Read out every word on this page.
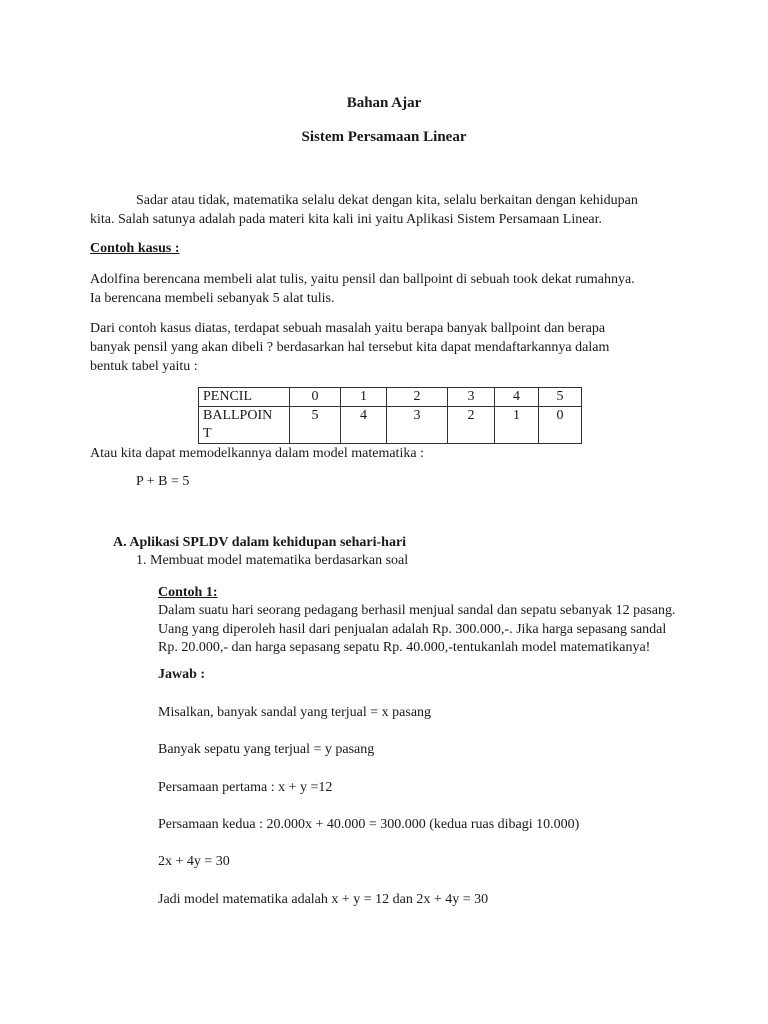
Bahan Ajar
Sistem Persamaan Linear
Sadar atau tidak, matematika selalu dekat dengan kita, selalu berkaitan dengan kehidupan
kita. Salah satunya adalah pada materi kita kali ini yaitu Aplikasi Sistem Persamaan Linear.
Contoh kasus :
Adolfina berencana membeli alat tulis, yaitu pensil dan ballpoint di sebuah took dekat rumahnya.
Ia berencana membeli sebanyak 5 alat tulis.
Dari contoh kasus diatas, terdapat sebuah masalah yaitu berapa banyak ballpoint dan berapa
banyak pensil yang akan dibeli ? berdasarkan hal tersebut kita dapat mendaftarkannya dalam
bentuk tabel yaitu :
PENCIL	0	1	2	3	4	5

BALLPOIN
T	5	4	3	2	1	0
Atau kita dapat memodelkannya dalam model matematika :
P + B = 5
A. Aplikasi SPLDV dalam kehidupan sehari-hari
1. Membuat model matematika berdasarkan soal
Contoh 1:
Dalam suatu hari seorang pedagang berhasil menjual sandal dan sepatu sebanyak 12 pasang.
Uang yang diperoleh hasil dari penjualan adalah Rp. 300.000,-. Jika harga sepasang sandal
Rp. 20.000,- dan harga sepasang sepatu Rp. 40.000,-tentukanlah model matematikanya!
Jawab :
Misalkan, banyak sandal yang terjual = x pasang
Banyak sepatu yang terjual = y pasang
Persamaan pertama : x + y =12
Persamaan kedua : 20.000x + 40.000 = 300.000 (kedua ruas dibagi 10.000)
2x + 4y = 30
Jadi model matematika adalah x + y = 12 dan 2x + 4y = 30
